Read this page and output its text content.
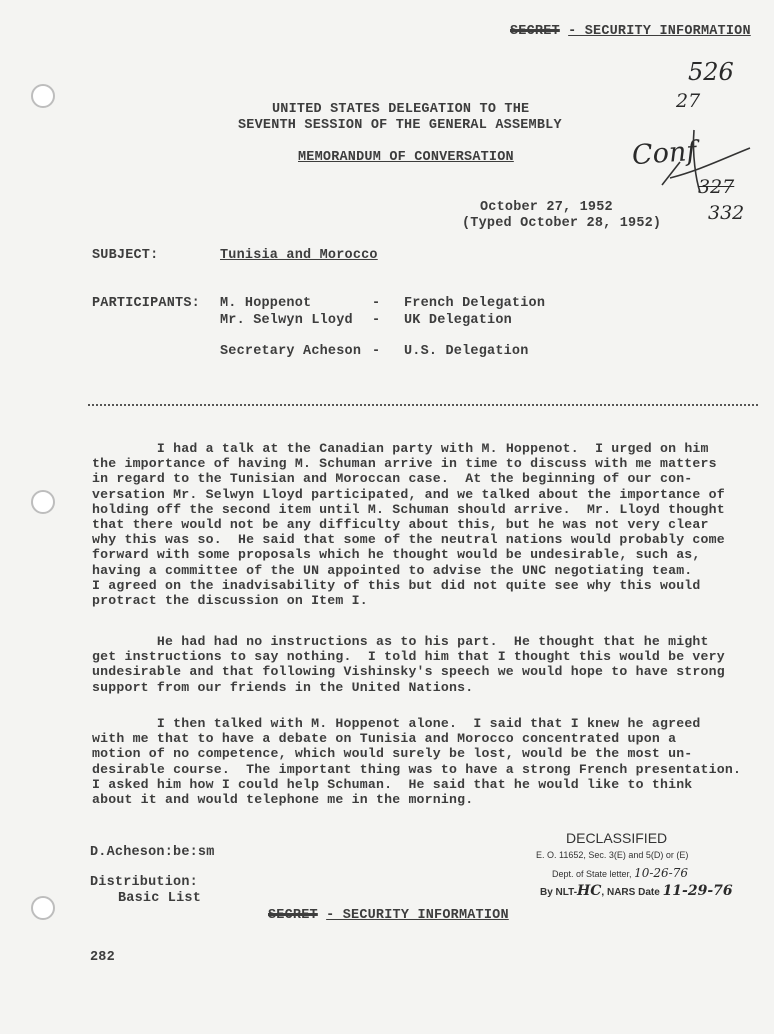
SECRET - SECURITY INFORMATION
526
27
Conf
327
332
UNITED STATES DELEGATION TO THE
SEVENTH SESSION OF THE GENERAL ASSEMBLY
MEMORANDUM OF CONVERSATION
October 27, 1952
(Typed October 28, 1952)
SUBJECT:	Tunisia and Morocco
PARTICIPANTS: M. Hoppenot	- French Delegation
Mr. Selwyn Lloyd - UK Delegation
Secretary Acheson - U.S. Delegation
I had a talk at the Canadian party with M. Hoppenot.  I urged on him
the importance of having M. Schuman arrive in time to discuss with me matters
in regard to the Tunisian and Moroccan case.  At the beginning of our con-
versation Mr. Selwyn Lloyd participated, and we talked about the importance of
holding off the second item until M. Schuman should arrive.  Mr. Lloyd thought
that there would not be any difficulty about this, but he was not very clear
why this was so.  He said that some of the neutral nations would probably come
forward with some proposals which he thought would be undesirable, such as,
having a committee of the UN appointed to advise the UNC negotiating team.
I agreed on the inadvisability of this but did not quite see why this would
protract the discussion on Item I.
He had had no instructions as to his part.  He thought that he might
get instructions to say nothing.  I told him that I thought this would be very
undesirable and that following Vishinsky's speech we would hope to have strong
support from our friends in the United Nations.
I then talked with M. Hoppenot alone.  I said that I knew he agreed
with me that to have a debate on Tunisia and Morocco concentrated upon a
motion of no competence, which would surely be lost, would be the most un-
desirable course.  The important thing was to have a strong French presentation.
I asked him how I could help Schuman.  He said that he would like to think
about it and would telephone me in the morning.
D.Acheson:be:sm
Distribution:
Basic List
282
SECRET - SECURITY INFORMATION
DECLASSIFIED
E. O. 11652, Sec. 3(E) and 5(D) or (E)
Dept. of State letter, 10-26-76
By NLT-HC, NARS Date 11-29-76
